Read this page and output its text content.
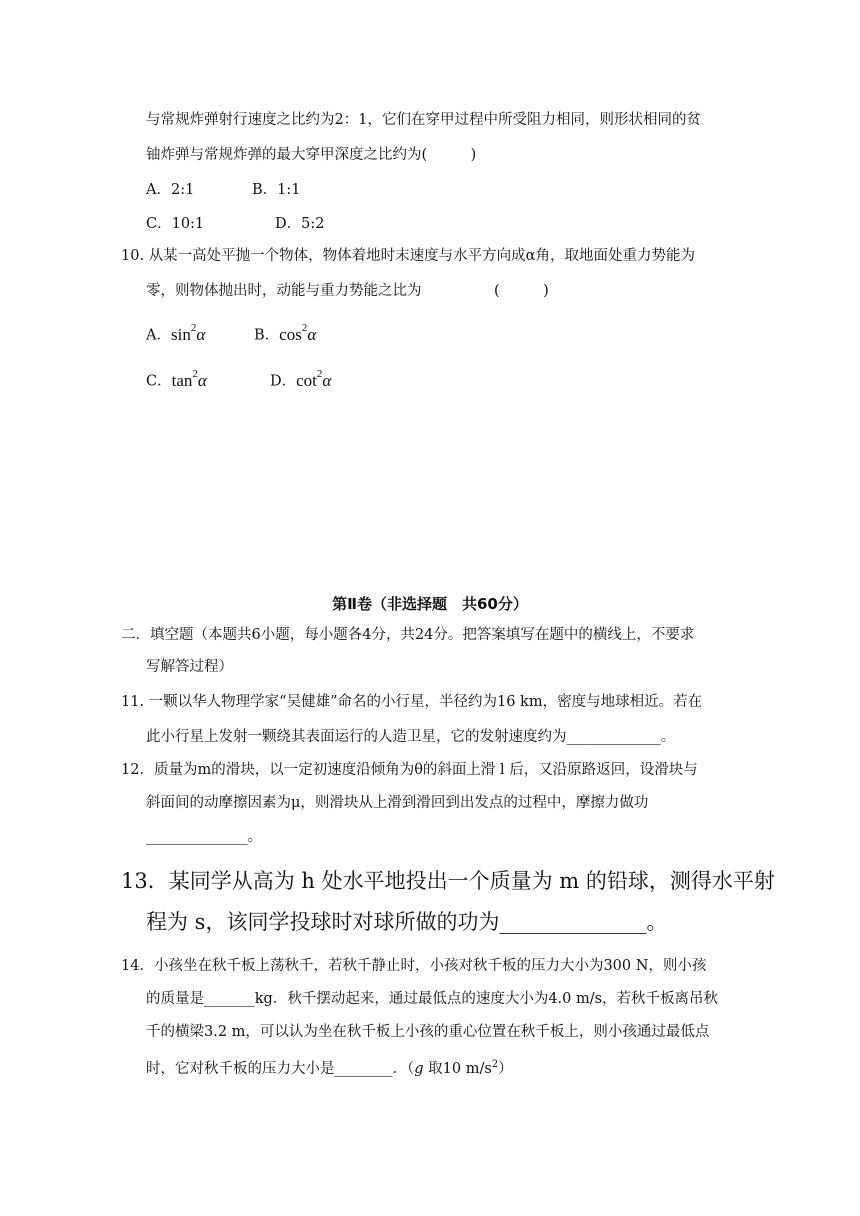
与常规炸弹射行速度之比约为2：1，它们在穿甲过程中所受阻力相同，则形状相同的贫
铀炸弹与常规炸弹的最大穿甲深度之比约为(　　　)
A．2:1	B．1:1
C．10:1	D．5:2
10. 从某一高处平抛一个物体，物体着地时末速度与水平方向成α角，取地面处重力势能为
零，则物体抛出时，动能与重力势能之比为　　　　　(　　　)
A．$\sin^2\alpha$	B．$\cos^2\alpha$
C．$\tan^2\alpha$	D．$\cot^2\alpha$
第Ⅱ卷（非选择题　共60分）
二．填空题（本题共6小题，每小题各4分，共24分。把答案填写在题中的横线上，不要求
写解答过程）
11. 一颗以华人物理学家“吴健雄”命名的小行星，半径约为16 km，密度与地球相近。若在
此小行星上发射一颗绕其表面运行的人造卫星，它的发射速度约为_____________。
12．质量为m的滑块，以一定初速度沿倾角为θ的斜面上滑 l 后，又沿原路返回，设滑块与
斜面间的动摩擦因素为μ，则滑块从上滑到滑回到出发点的过程中，摩擦力做功
______________。
13．某同学从高为 h 处水平地投出一个质量为 m 的铅球，测得水平射
程为 s，该同学投球时对球所做的功为______________。
14．小孩坐在秋千板上荡秋千，若秋千静止时，小孩对秋千板的压力大小为300 N，则小孩
的质量是_______kg．秋千摆动起来，通过最低点的速度大小为4.0 m/s，若秋千板离吊秋
千的横梁3.2 m，可以认为坐在秋千板上小孩的重心位置在秋千板上，则小孩通过最低点
时，它对秋千板的压力大小是________．（g 取10 $m/s^2$）
